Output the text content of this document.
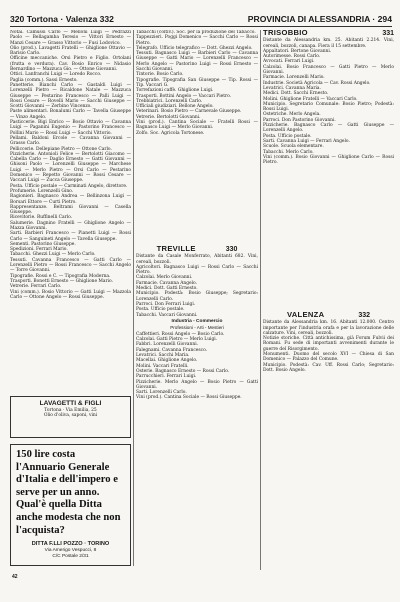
320 Tortona · Valenza 332	PROVINCIA DI ALESSANDRIA · 294

Notai. Camussi Carlo — Melloni Luigi — Pedrazzi Paolo — Bellagamba Teresio — Vittori Ernesto — Manzi Cesare — Grasso Vittorio — Fusi Lodovico.

Olio (prod.). Lavagetti Fratelli — Ghiglione Ottavio — Barisio Carlo.

Officine meccaniche. Orsi Pietro e Figlio. Ortolani (frutta e verdura). Cav. Bosio Enrico — Nidasio Bernardino — Mazzuca Gio. — Ottone Giovanni.

Ottici. Lanfranchi Luigi — Loredo Rocco.

Paglia (comm.). Sassi Ernesto.

Panetterie. Bianchi Carlo — Gastaldi Luigi — Lorenzelli Pietro — Ricaldone Natale — Mazzuca Giuseppe — Pestarino Francesco — Palli Luigi — Rossi Cesare — Rovelli Mario — Sacchi Giuseppe — Scotti Giovanni — Zerbino Vincenzo.

Paste alimentari. Bonalumi Carlo — Tavella Giuseppe — Vinzo Angelo.

Pasticcerie. Bigi Enrico — Bosio Ottavio — Cavanna Luigi — Paganini Eugenio — Pastorino Francesco — Pollini Mario — Rossi Luigi — Sacchi Vittorio.

Pellami. Baldoni Ercole — Cavanna Giovanni — Grasso Carlo.

Pelliccerie. Dellepiane Pietro — Ottone Carlo.

Pizzicherie. Antonioli Felice — Bertolotti Giacomo — Cabella Carlo — Daglio Ernesto — Gatti Giovanni — Ghisoni Paolo — Lorenzelli Giuseppe — Marchese Luigi — Merlo Pietro — Orsi Carlo — Pestarino Domenico — Repetto Giovanni — Rossi Cesare — Vaccari Luigi — Zucca Giuseppe.

Posta. Ufficio postale — Carminati Angelo, direttore.

Profumerie. Lorenzelli Gino.

Ragionieri. Bagnasco Andrea — Bellinzona Luigi — Borsari Ettore — Curti Pietro.

Rappresentanze. Beltrami Giovanni — Casella Giuseppe.

Ricevitorie. Ruffinelli Carlo.

Salumerie. Dagnino Fratelli — Ghiglione Angelo — Mazza Giovanni.

Sarti. Barbieri Francesco — Pianetti Luigi — Rossi Carlo — Sanguineti Angelo — Tavella Giuseppe.

Sementi. Pastorino Giuseppe.

Spedizioni. Ferrari Mario.

Tabacchi. Ghezzi Luigi — Merlo Carlo.

Tessuti. Cavanna Francesco — Gatti Carlo — Lorenzelli Pietro — Rossi Francesco — Sacchi Angelo — Torre Giovanni.

Tipografie. Rossi e C. — Tipografia Moderna.

Trasporti. Bonetti Ernesto — Ghiglione Mario.

Vetrerie. Ferrari Carlo.

Vini (comm.). Bosio Vittorio — Gatti Luigi — Mazzola Carlo — Ottone Angelo — Rossi Giuseppe.

Tabacchi (coltiv.). Soc. per la produzione del Tabacco.

Tappezzieri. Poggi Domenico — Sacchi Carlo — Rossi Pietro.

Telegrafo. Ufficio telegrafico — Dott. Ghezzi Angelo.

Tessuti. Bagnasco Luigi — Barbieri Carlo — Cavanna Giuseppe — Gatti Mario — Lorenzelli Francesco — Merlo Angelo — Pastorino Luigi — Rossi Ernesto — Sacchi Giovanni.

Tintorie. Bosio Carlo.

Tipografie. Tipografia San Giuseppe — Tip. Rossi — Tip. Vaccari G.

Torrefazioni caffè. Ghiglione Luigi.

Trasporti. Bottini Angelo — Vaccari Pietro.

Trebbiatrici. Lorenzelli Carlo.

Ufficiali giudiziari. Bellone Angelo.

Veterinari. Bosio Pietro — Carnevale Giuseppe.

Vetrerie. Bertolotti Giovanni.

Vini (prod.). Cantina Sociale — Fratelli Rossi — Bagnasco Luigi — Merlo Giovanni.

Zolfo. Soc. Agricola Tortonese.

TRISOBBIO	331

Distante da Alessandria km. 25. Abitanti 2.214. Vini, cereali, bozzoli, canapa. Fiera il 15 settembre.

Appaltatori. Bertone Giovanni.

Autorimesse. Rossi Carlo.

Avvocati. Ferrari Luigi.

Calzolai. Bosio Francesco — Gatti Pietro — Merlo Giovanni.

Farmacie. Lorenzelli Mario.

Industrie. Società Agricola — Cav. Rossi Angelo.

Levatrici. Cavanna Maria.

Medici. Dott. Sacchi Ernesto.

Molini. Ghiglione Fratelli — Vaccari Carlo.

Municipio. Segretario Comunale: Bosio Pietro; Podestà: Rossi Luigi.

Ostetriche. Merlo Angela.

Parroci. Don Pastorino Giovanni.

Pizzicherie. Bagnasco Carlo — Gatti Giuseppe — Lorenzelli Angelo.

Posta. Ufficio postale.

Sarti. Cavanna Luigi — Ferrari Angelo.

Scuole. Scuola elementare.

Tabacchi. Merlo Carlo.

Vini (comm.). Bosio Giovanni — Ghiglione Carlo — Rossi Pietro.

TREVILLE	330

Distante da Casale Monferrato, Abitanti 682. Vini, cereali, bozzoli.

Agricoltori. Bagnasco Luigi — Rossi Carlo — Sacchi Pietro.

Calzolai. Merlo Giovanni.

Farmacie. Cavanna Angelo.

Medici. Dott. Gatti Ernesto.

Municipio. Podestà: Bosio Giuseppe; Segretario: Lorenzelli Carlo.

Parroci. Don Ferrari Luigi.

Posta. Ufficio postale.

Tabacchi. Vaccari Giovanni.

Industria - Commercio
Professioni - Arti - Mestieri

Caffettieri. Rossi Angelo — Bosio Carlo.

Calzolai. Gatti Pietro — Merlo Luigi.

Fabbri. Lorenzelli Giovanni.

Falegnami. Cavanna Francesco.

Levatrici. Sacchi Maria.

Macellai. Ghiglione Angelo.

Molini. Vaccari Fratelli.

Osterie. Bagnasco Ernesto — Rossi Carlo.

Parrucchieri. Ferrari Luigi.

Pizzicherie. Merlo Angelo — Bosio Pietro — Gatti Giovanni.

Sarti. Lorenzelli Carlo.

Vini (prod.). Cantina Sociale — Rossi Giuseppe.

VALENZA	332

Distante da Alessandria km. 16. Abitanti 12.000. Centro importante per l'industria orafa e per la lavorazione delle calzature. Vini, cereali, bozzoli.

Notizie storiche. Città antichissima, già Forum Fulvii dei Romani. Fu sede di importanti avvenimenti durante le guerre del Risorgimento.

Monumenti. Duomo del secolo XVI — Chiesa di San Domenico — Palazzo del Comune.

Municipio. Podestà: Cav. Uff. Rossi Carlo; Segretario: Dott. Bosio Angelo.

LAVAGETTI & FIGLI
Tortona · Via Emilia, 25
Olio d'oliva, saponi, vini
150 lire costa l'Annuario Generale d'Italia e dell'impero e serve per un anno. Qual'è quella Ditta anche modesta che non l'acquista?
DITTA F.LLI POZZO · TORINO
Via Amerigo Vespucci, 8
C/C Postale 2/31
42
